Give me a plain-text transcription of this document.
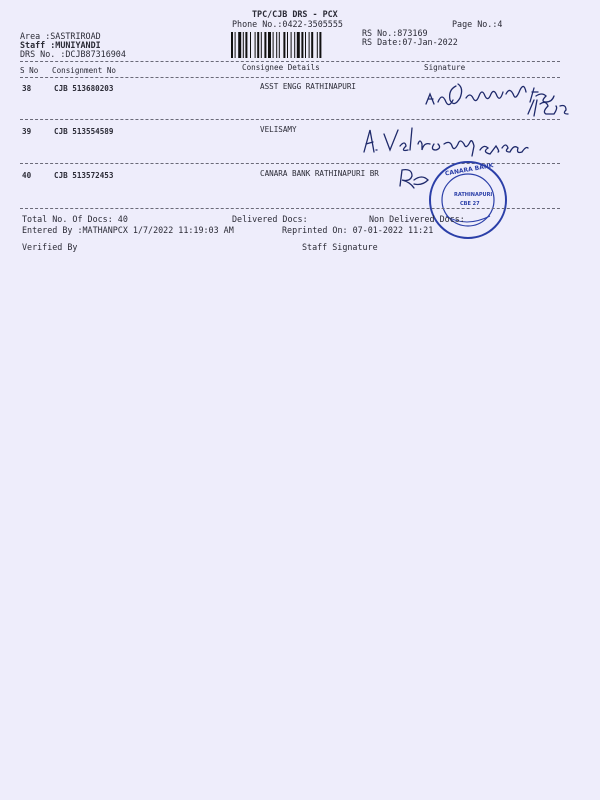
TPC/CJB DRS - PCX
Phone No.:0422-3505555	Page No.:4
Area :SASTRIROAD
Staff :MUNIYANDI
DRS No. :DCJB87316904
RS No.:873169
RS Date:07-Jan-2022
S No Consignment No	Consignee Details	Signature
38	CJB 513680203	ASST ENGG RATHINAPURI
39	CJB 513554589	VELISAMY
40	CJB 513572453	CANARA BANK RATHINAPURI BR	CANARA BANK
RATHINAPURI
CBE 27
Total No. Of Docs: 40	Delivered Docs:	Non Delivered Docs:
Entered By :MATHANPCX 1/7/2022 11:19:03 AM	Reprinted On: 07-01-2022 11:21
Verified By	Staff Signature
